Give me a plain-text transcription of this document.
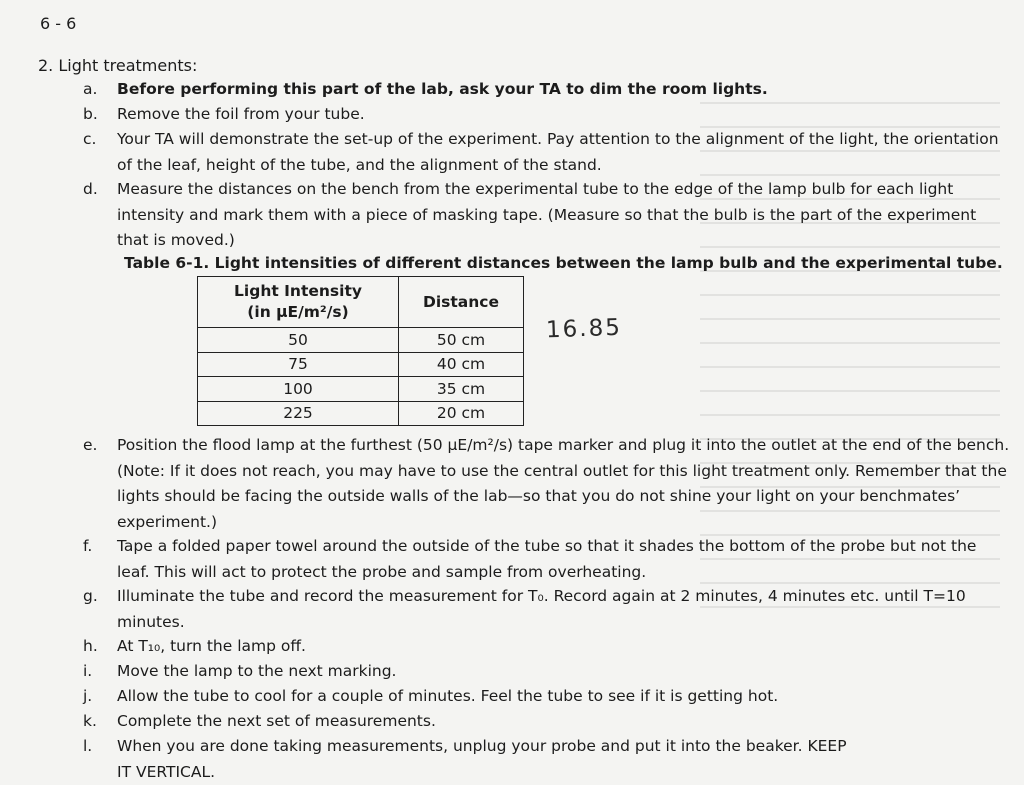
6 - 6
2. Light treatments:
a. Before performing this part of the lab, ask your TA to dim the room lights.
b. Remove the foil from your tube.
c. Your TA will demonstrate the set-up of the experiment. Pay attention to the alignment of the light, the orientation of the leaf, height of the tube, and the alignment of the stand.
d. Measure the distances on the bench from the experimental tube to the edge of the lamp bulb for each light intensity and mark them with a piece of masking tape. (Measure so that the bulb is the part of the experiment that is moved.)
Table 6-1. Light intensities of different distances between the lamp bulb and the experimental tube.
Light Intensity
(in μE/m²/s)	Distance
50	50 cm
75	40 cm
100	35 cm
225	20 cm
16.85
e. Position the flood lamp at the furthest (50 μE/m²/s) tape marker and plug it into the outlet at the end of the bench. (Note: If it does not reach, you may have to use the central outlet for this light treatment only. Remember that the lights should be facing the outside walls of the lab—so that you do not shine your light on your benchmates’ experiment.)
f. Tape a folded paper towel around the outside of the tube so that it shades the bottom of the probe but not the leaf. This will act to protect the probe and sample from overheating.
g. Illuminate the tube and record the measurement for T₀. Record again at 2 minutes, 4 minutes etc. until T=10 minutes.
h. At T₁₀, turn the lamp off.
i. Move the lamp to the next marking.
j. Allow the tube to cool for a couple of minutes. Feel the tube to see if it is getting hot.
k. Complete the next set of measurements.
l. When you are done taking measurements, unplug your probe and put it into the beaker. KEEP IT VERTICAL.
